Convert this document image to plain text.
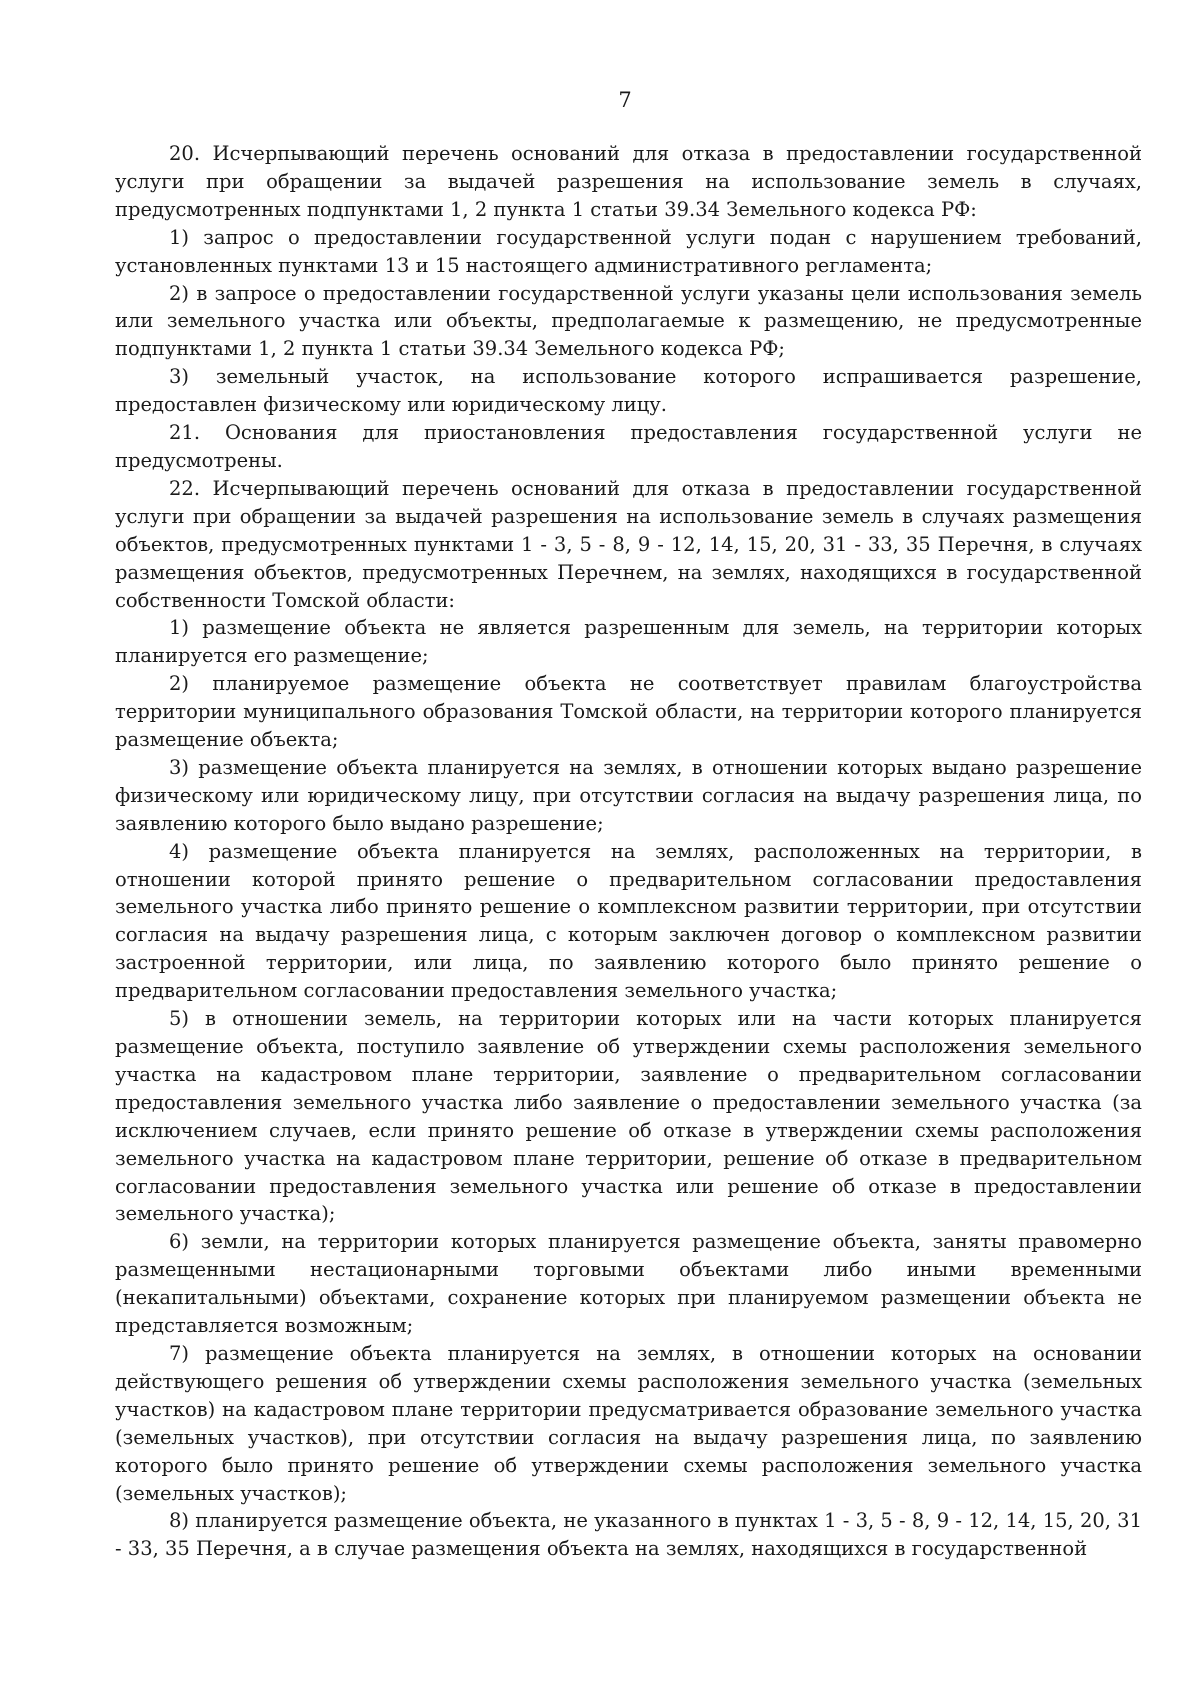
7

20. Исчерпывающий перечень оснований для отказа в предоставлении государственной услуги при обращении за выдачей разрешения на использование земель в случаях, предусмотренных подпунктами 1, 2 пункта 1 статьи 39.34 Земельного кодекса РФ:

1) запрос о предоставлении государственной услуги подан с нарушением требований, установленных пунктами 13 и 15 настоящего административного регламента;

2) в запросе о предоставлении государственной услуги указаны цели использования земель или земельного участка или объекты, предполагаемые к размещению, не предусмотренные подпунктами 1, 2 пункта 1 статьи 39.34 Земельного кодекса РФ;

3) земельный участок, на использование которого испрашивается разрешение, предоставлен физическому или юридическому лицу.

21. Основания для приостановления предоставления государственной услуги не предусмотрены.

22. Исчерпывающий перечень оснований для отказа в предоставлении государственной услуги при обращении за выдачей разрешения на использование земель в случаях размещения объектов, предусмотренных пунктами 1 - 3, 5 - 8, 9 - 12, 14, 15, 20, 31 - 33, 35 Перечня, в случаях размещения объектов, предусмотренных Перечнем, на землях, находящихся в государственной собственности Томской области:

1) размещение объекта не является разрешенным для земель, на территории которых планируется его размещение;

2) планируемое размещение объекта не соответствует правилам благоустройства территории муниципального образования Томской области, на территории которого планируется размещение объекта;

3) размещение объекта планируется на землях, в отношении которых выдано разрешение физическому или юридическому лицу, при отсутствии согласия на выдачу разрешения лица, по заявлению которого было выдано разрешение;

4) размещение объекта планируется на землях, расположенных на территории, в отношении которой принято решение о предварительном согласовании предоставления земельного участка либо принято решение о комплексном развитии территории, при отсутствии согласия на выдачу разрешения лица, с которым заключен договор о комплексном развитии застроенной территории, или лица, по заявлению которого было принято решение о предварительном согласовании предоставления земельного участка;

5) в отношении земель, на территории которых или на части которых планируется размещение объекта, поступило заявление об утверждении схемы расположения земельного участка на кадастровом плане территории, заявление о предварительном согласовании предоставления земельного участка либо заявление о предоставлении земельного участка (за исключением случаев, если принято решение об отказе в утверждении схемы расположения земельного участка на кадастровом плане территории, решение об отказе в предварительном согласовании предоставления земельного участка или решение об отказе в предоставлении земельного участка);

6) земли, на территории которых планируется размещение объекта, заняты правомерно размещенными нестационарными торговыми объектами либо иными временными (некапитальными) объектами, сохранение которых при планируемом размещении объекта не представляется возможным;

7) размещение объекта планируется на землях, в отношении которых на основании действующего решения об утверждении схемы расположения земельного участка (земельных участков) на кадастровом плане территории предусматривается образование земельного участка (земельных участков), при отсутствии согласия на выдачу разрешения лица, по заявлению которого было принято решение об утверждении схемы расположения земельного участка (земельных участков);

8) планируется размещение объекта, не указанного в пунктах 1 - 3, 5 - 8, 9 - 12, 14, 15, 20, 31 - 33, 35 Перечня, а в случае размещения объекта на землях, находящихся в государственной
